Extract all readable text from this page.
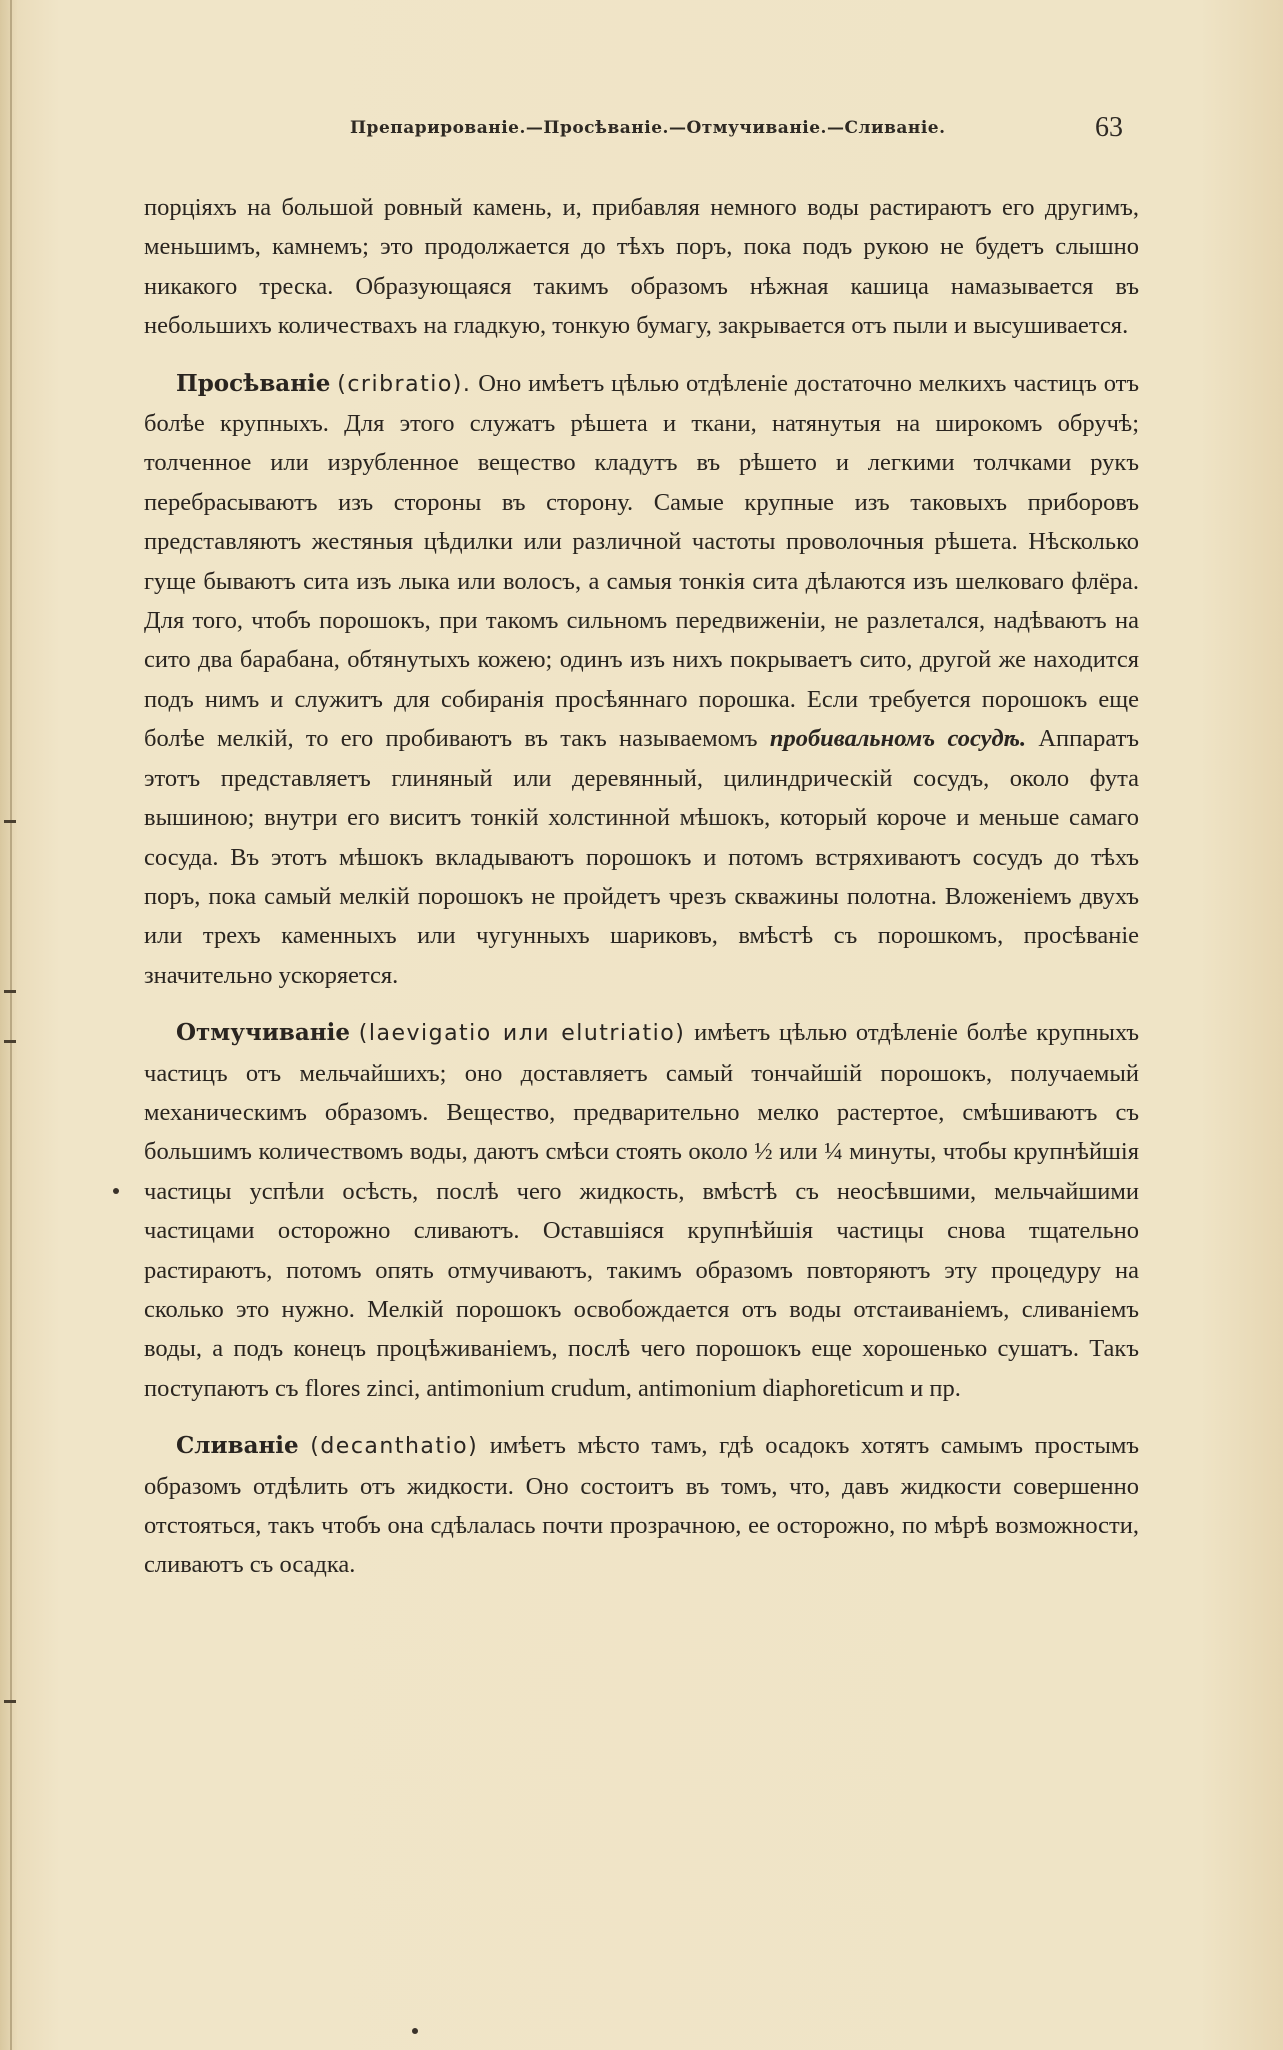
Препарированіе.—Просѣваніе.—Отмучиваніе.—Сливаніе.	63

порціяхъ на большой ровный камень, и, прибавляя немного воды растираютъ его другимъ, меньшимъ, камнемъ; это продолжается до тѣхъ поръ, пока подъ рукою не будетъ слышно никакого треска. Образующаяся такимъ образомъ нѣжная кашица намазывается въ небольшихъ количествахъ на гладкую, тонкую бумагу, закрывается отъ пыли и высушивается.

Просѣваніе (cribratio). Оно имѣетъ цѣлью отдѣленіе достаточно мелкихъ частицъ отъ болѣе крупныхъ. Для этого служатъ рѣшета и ткани, натянутыя на широкомъ обручѣ; толченное или изрубленное вещество кладутъ въ рѣшето и легкими толчками рукъ перебрасываютъ изъ стороны въ сторону. Самые крупные изъ таковыхъ приборовъ представляютъ жестяныя цѣдилки или различной частоты проволочныя рѣшета. Нѣсколько гуще бываютъ сита изъ лыка или волосъ, а самыя тонкія сита дѣлаются изъ шелковаго флёра. Для того, чтобъ порошокъ, при такомъ сильномъ передвиженіи, не разлетался, надѣваютъ на сито два барабана, обтянутыхъ кожею; одинъ изъ нихъ покрываетъ сито, другой же находится подъ нимъ и служитъ для собиранія просѣяннаго порошка. Если требуется порошокъ еще болѣе мелкій, то его пробиваютъ въ такъ называемомъ пробивальномъ сосудѣ. Аппаратъ этотъ представляетъ глиняный или деревянный, цилиндрическій сосудъ, около фута вышиною; внутри его виситъ тонкій холстинной мѣшокъ, который короче и меньше самаго сосуда. Въ этотъ мѣшокъ вкладываютъ порошокъ и потомъ встряхиваютъ сосудъ до тѣхъ поръ, пока самый мелкій порошокъ не пройдетъ чрезъ скважины полотна. Вложеніемъ двухъ или трехъ каменныхъ или чугунныхъ шариковъ, вмѣстѣ съ порошкомъ, просѣваніе значительно ускоряется.

Отмучиваніе (laevigatio или elutriatio) имѣетъ цѣлью отдѣленіе болѣе крупныхъ частицъ отъ мельчайшихъ; оно доставляетъ самый тончайшій порошокъ, получаемый механическимъ образомъ. Вещество, предварительно мелко растертое, смѣшиваютъ съ большимъ количествомъ воды, даютъ смѣси стоять около ½ или ¼ минуты, чтобы крупнѣйшія частицы успѣли осѣсть, послѣ чего жидкость, вмѣстѣ съ неосѣвшими, мельчайшими частицами осторожно сливаютъ. Оставшіяся крупнѣйшія частицы снова тщательно растираютъ, потомъ опять отмучиваютъ, такимъ образомъ повторяютъ эту процедуру на сколько это нужно. Мелкій порошокъ освобождается отъ воды отстаиваніемъ, сливаніемъ воды, а подъ конецъ процѣживаніемъ, послѣ чего порошокъ еще хорошенько сушатъ. Такъ поступаютъ съ flores zinci, antimonium crudum, antimonium diaphoreticum и пр.

Сливаніе (decanthatio) имѣетъ мѣсто тамъ, гдѣ осадокъ хотятъ самымъ простымъ образомъ отдѣлить отъ жидкости. Оно состоитъ въ томъ, что, давъ жидкости совершенно отстояться, такъ чтобъ она сдѣлалась почти прозрачною, ее осторожно, по мѣрѣ возможности, сливаютъ съ осадка.
